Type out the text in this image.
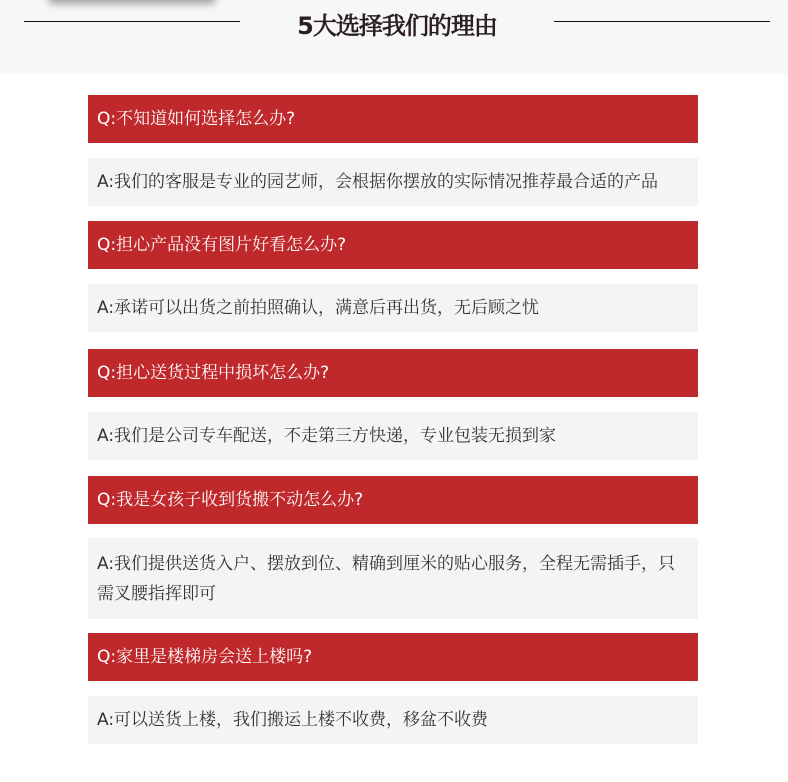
5大选择我们的理由
Q:不知道如何选择怎么办?
A:我们的客服是专业的园艺师，会根据你摆放的实际情况推荐最合适的产品
Q:担心产品没有图片好看怎么办?
A:承诺可以出货之前拍照确认，满意后再出货，无后顾之忧
Q:担心送货过程中损坏怎么办?
A:我们是公司专车配送，不走第三方快递，专业包装无损到家
Q:我是女孩子收到货搬不动怎么办?
A:我们提供送货入户、摆放到位、精确到厘米的贴心服务，全程无需插手，只需叉腰指挥即可
Q:家里是楼梯房会送上楼吗?
A:可以送货上楼，我们搬运上楼不收费，移盆不收费
